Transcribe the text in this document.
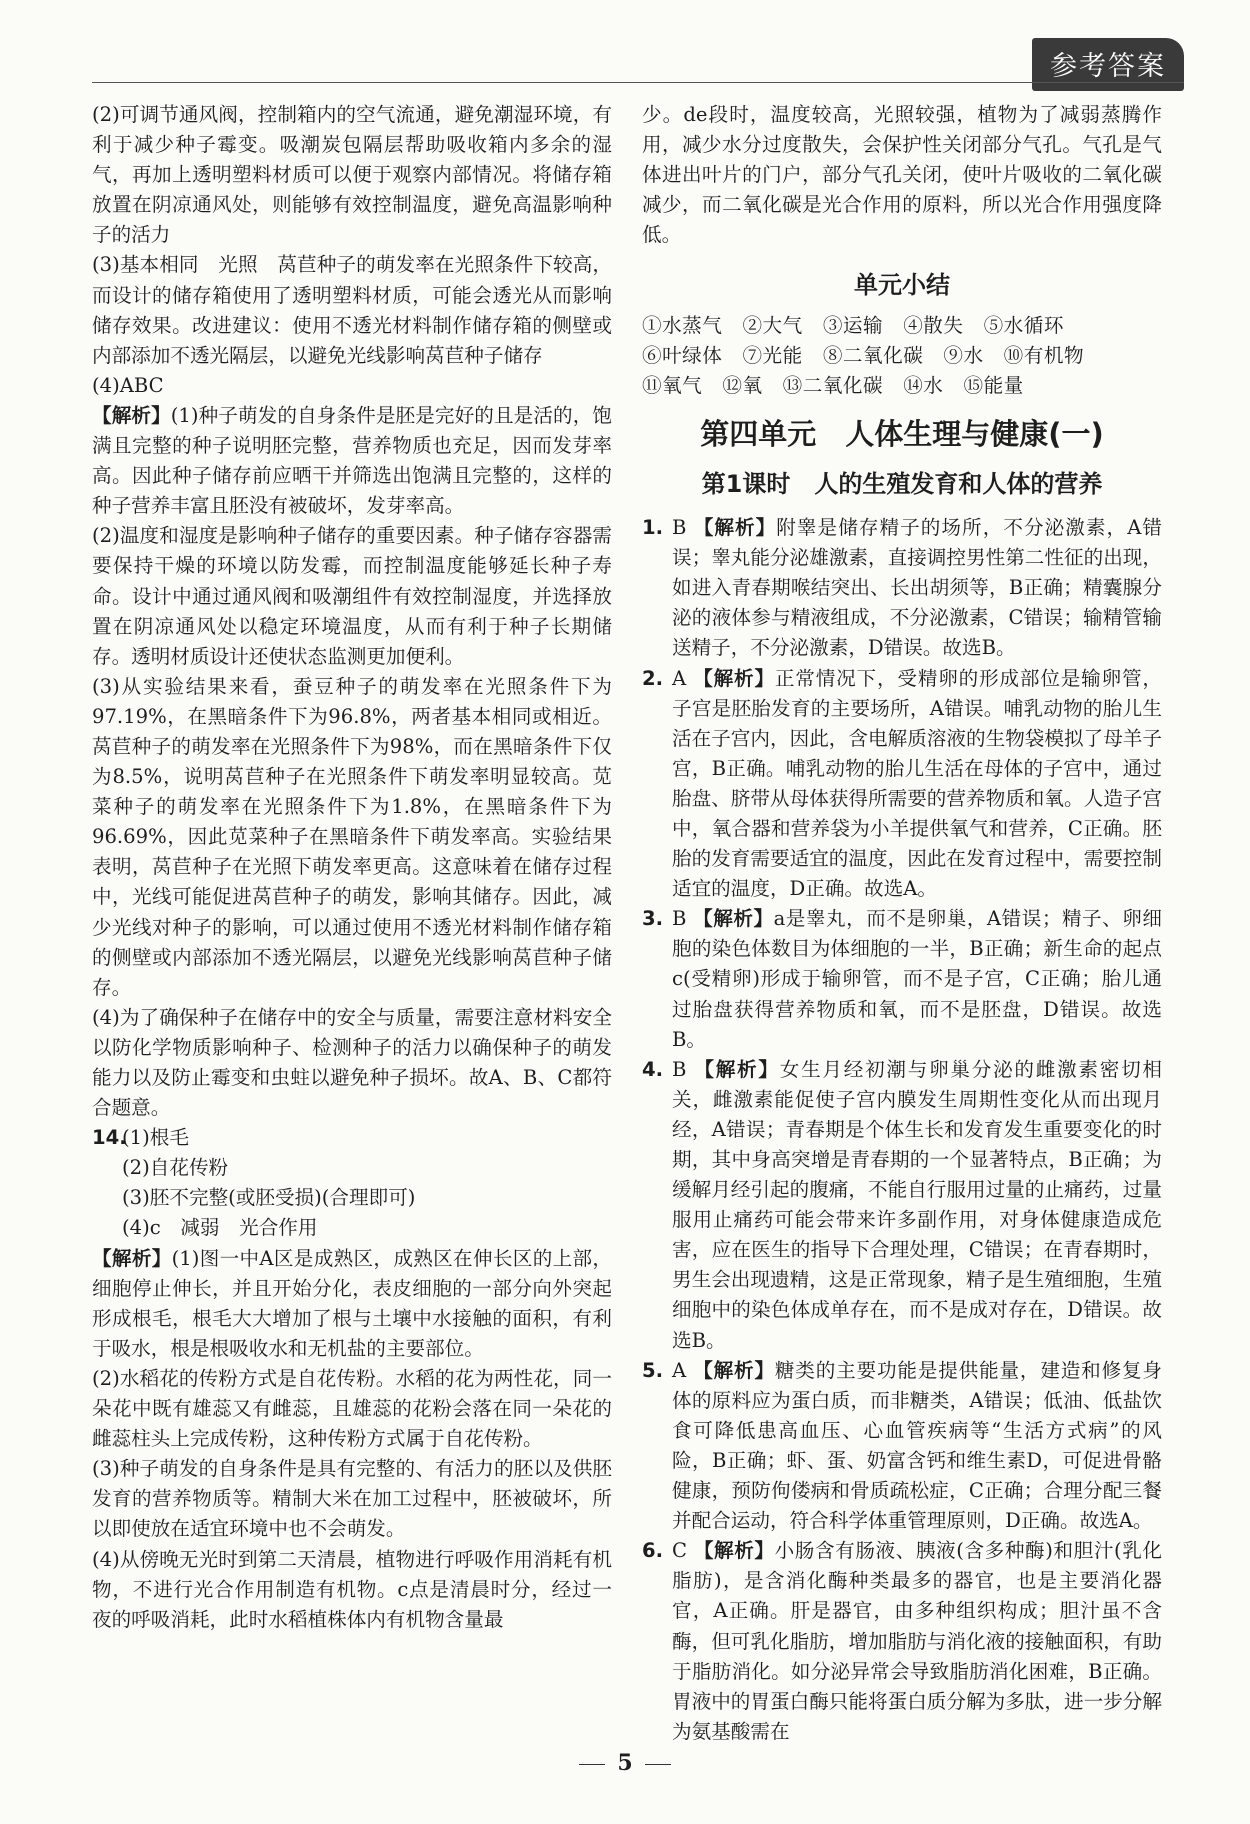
参考答案

(2)可调节通风阀，控制箱内的空气流通，避免潮湿环境，有利于减少种子霉变。吸潮炭包隔层帮助吸收箱内多余的湿气，再加上透明塑料材质可以便于观察内部情况。将储存箱放置在阴凉通风处，则能够有效控制温度，避免高温影响种子的活力

(3)基本相同　光照　莴苣种子的萌发率在光照条件下较高，而设计的储存箱使用了透明塑料材质，可能会透光从而影响储存效果。改进建议：使用不透光材料制作储存箱的侧壁或内部添加不透光隔层，以避免光线影响莴苣种子储存

(4)ABC

【解析】(1)种子萌发的自身条件是胚是完好的且是活的，饱满且完整的种子说明胚完整，营养物质也充足，因而发芽率高。因此种子储存前应晒干并筛选出饱满且完整的，这样的种子营养丰富且胚没有被破坏，发芽率高。

(2)温度和湿度是影响种子储存的重要因素。种子储存容器需要保持干燥的环境以防发霉，而控制温度能够延长种子寿命。设计中通过通风阀和吸潮组件有效控制湿度，并选择放置在阴凉通风处以稳定环境温度，从而有利于种子长期储存。透明材质设计还使状态监测更加便利。

(3)从实验结果来看，蚕豆种子的萌发率在光照条件下为97.19%，在黑暗条件下为96.8%，两者基本相同或相近。莴苣种子的萌发率在光照条件下为98%，而在黑暗条件下仅为8.5%，说明莴苣种子在光照条件下萌发率明显较高。苋菜种子的萌发率在光照条件下为1.8%，在黑暗条件下为96.69%，因此苋菜种子在黑暗条件下萌发率高。实验结果表明，莴苣种子在光照下萌发率更高。这意味着在储存过程中，光线可能促进莴苣种子的萌发，影响其储存。因此，减少光线对种子的影响，可以通过使用不透光材料制作储存箱的侧壁或内部添加不透光隔层，以避免光线影响莴苣种子储存。

(4)为了确保种子在储存中的安全与质量，需要注意材料安全以防化学物质影响种子、检测种子的活力以确保种子的萌发能力以及防止霉变和虫蛀以避免种子损坏。故A、B、C都符合题意。

14.(1)根毛

(2)自花传粉

(3)胚不完整(或胚受损)(合理即可)

(4)c　减弱　光合作用

【解析】(1)图一中A区是成熟区，成熟区在伸长区的上部，细胞停止伸长，并且开始分化，表皮细胞的一部分向外突起形成根毛，根毛大大增加了根与土壤中水接触的面积，有利于吸水，根是根吸收水和无机盐的主要部位。

(2)水稻花的传粉方式是自花传粉。水稻的花为两性花，同一朵花中既有雄蕊又有雌蕊，且雄蕊的花粉会落在同一朵花的雌蕊柱头上完成传粉，这种传粉方式属于自花传粉。

(3)种子萌发的自身条件是具有完整的、有活力的胚以及供胚发育的营养物质等。精制大米在加工过程中，胚被破坏，所以即使放在适宜环境中也不会萌发。

(4)从傍晚无光时到第二天清晨，植物进行呼吸作用消耗有机物，不进行光合作用制造有机物。c点是清晨时分，经过一夜的呼吸消耗，此时水稻植株体内有机物含量最

少。de段时，温度较高，光照较强，植物为了减弱蒸腾作用，减少水分过度散失，会保护性关闭部分气孔。气孔是气体进出叶片的门户，部分气孔关闭，使叶片吸收的二氧化碳减少，而二氧化碳是光合作用的原料，所以光合作用强度降低。

单元小结

①水蒸气　②大气　③运输　④散失　⑤水循环

⑥叶绿体　⑦光能　⑧二氧化碳　⑨水　⑩有机物

⑪氧气　⑫氧　⑬二氧化碳　⑭水　⑮能量

第四单元　人体生理与健康(一)
第1课时　人的生殖发育和人体的营养

1. B 【解析】附睾是储存精子的场所，不分泌激素，A错误；睾丸能分泌雄激素，直接调控男性第二性征的出现，如进入青春期喉结突出、长出胡须等，B正确；精囊腺分泌的液体参与精液组成，不分泌激素，C错误；输精管输送精子，不分泌激素，D错误。故选B。

2. A 【解析】正常情况下，受精卵的形成部位是输卵管，子宫是胚胎发育的主要场所，A错误。哺乳动物的胎儿生活在子宫内，因此，含电解质溶液的生物袋模拟了母羊子宫，B正确。哺乳动物的胎儿生活在母体的子宫中，通过胎盘、脐带从母体获得所需要的营养物质和氧。人造子宫中，氧合器和营养袋为小羊提供氧气和营养，C正确。胚胎的发育需要适宜的温度，因此在发育过程中，需要控制适宜的温度，D正确。故选A。

3. B 【解析】a是睾丸，而不是卵巢，A错误；精子、卵细胞的染色体数目为体细胞的一半，B正确；新生命的起点c(受精卵)形成于输卵管，而不是子宫，C正确；胎儿通过胎盘获得营养物质和氧，而不是胚盘，D错误。故选B。

4. B 【解析】女生月经初潮与卵巢分泌的雌激素密切相关，雌激素能促使子宫内膜发生周期性变化从而出现月经，A错误；青春期是个体生长和发育发生重要变化的时期，其中身高突增是青春期的一个显著特点，B正确；为缓解月经引起的腹痛，不能自行服用过量的止痛药，过量服用止痛药可能会带来许多副作用，对身体健康造成危害，应在医生的指导下合理处理，C错误；在青春期时，男生会出现遗精，这是正常现象，精子是生殖细胞，生殖细胞中的染色体成单存在，而不是成对存在，D错误。故选B。

5. A 【解析】糖类的主要功能是提供能量，建造和修复身体的原料应为蛋白质，而非糖类，A错误；低油、低盐饮食可降低患高血压、心血管疾病等“生活方式病”的风险，B正确；虾、蛋、奶富含钙和维生素D，可促进骨骼健康，预防佝偻病和骨质疏松症，C正确；合理分配三餐并配合运动，符合科学体重管理原则，D正确。故选A。

6. C 【解析】小肠含有肠液、胰液(含多种酶)和胆汁(乳化脂肪)，是含消化酶种类最多的器官，也是主要消化器官，A正确。肝是器官，由多种组织构成；胆汁虽不含酶，但可乳化脂肪，增加脂肪与消化液的接触面积，有助于脂肪消化。如分泌异常会导致脂肪消化困难，B正确。胃液中的胃蛋白酶只能将蛋白质分解为多肽，进一步分解为氨基酸需在

5
